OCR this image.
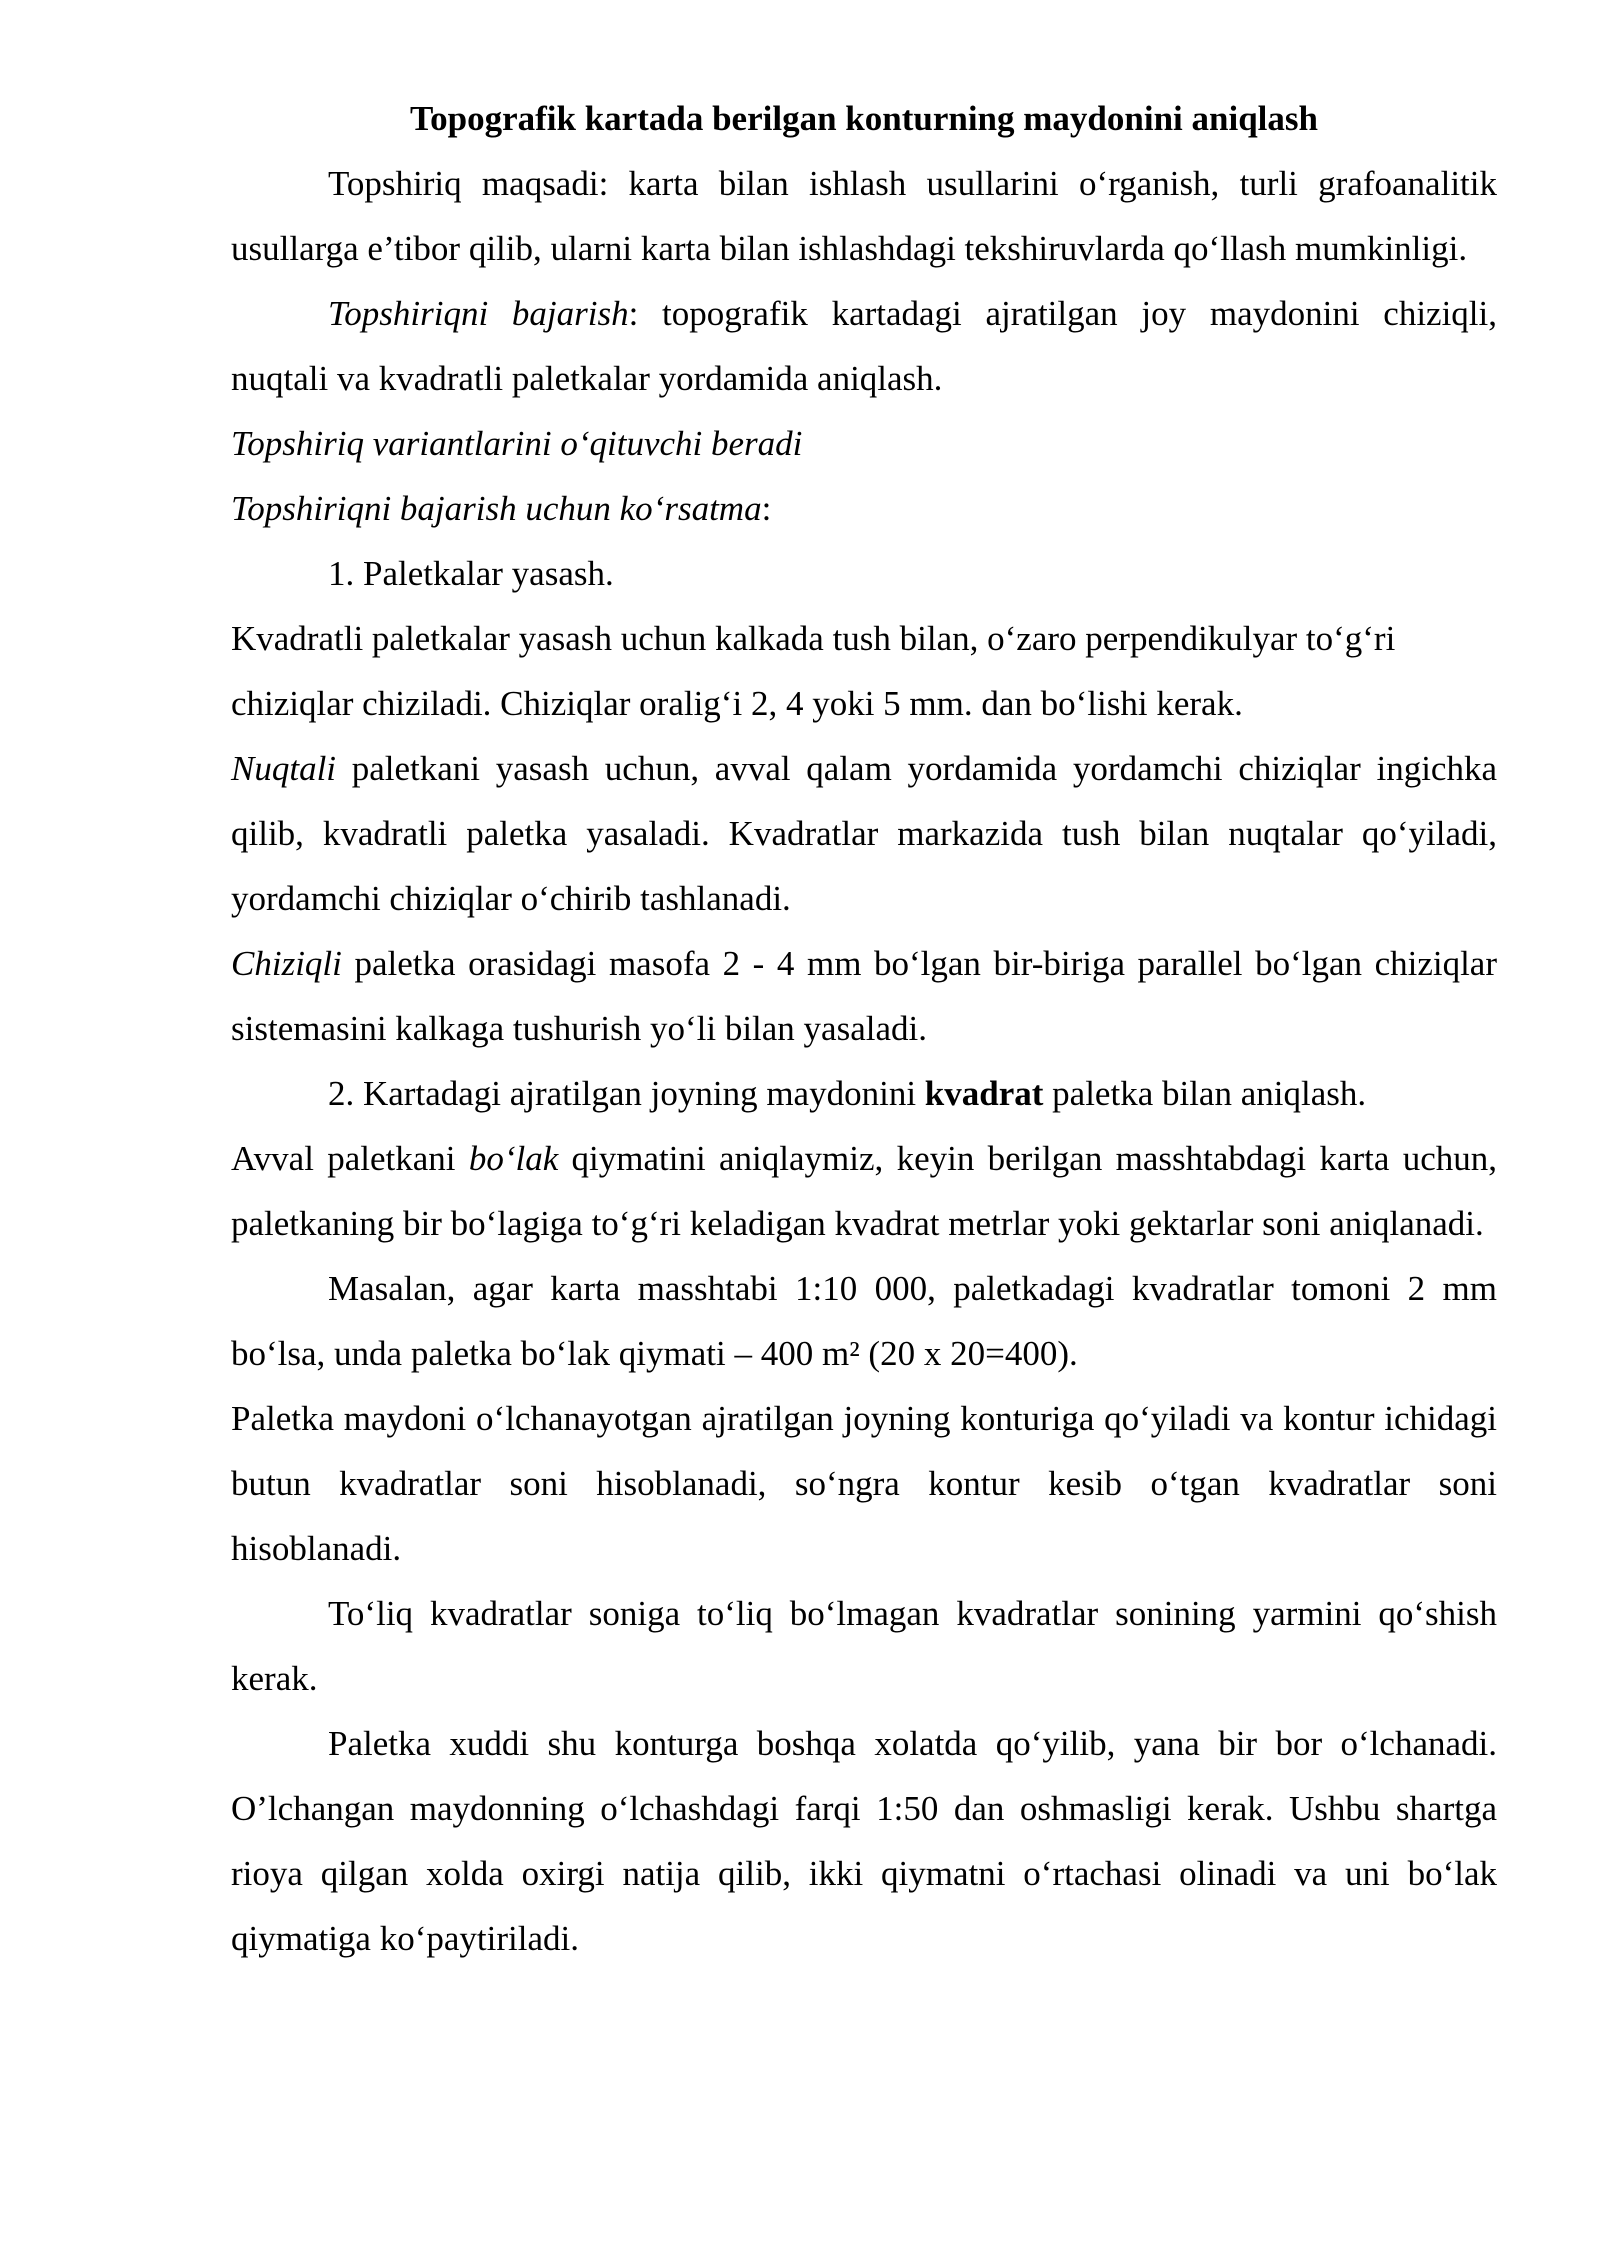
Topografik kartada berilgan konturning maydonini aniqlash

Topshiriq maqsadi: karta bilan ishlash usullarini o‘rganish, turli grafoanalitik usullarga e’tibor qilib, ularni karta bilan ishlashdagi tekshiruvlarda qo‘llash mumkinligi.

Topshiriqni bajarish: topografik kartadagi ajratilgan joy maydonini chiziqli, nuqtali va kvadratli paletkalar yordamida aniqlash.

Topshiriq variantlarini o‘qituvchi beradi

Topshiriqni bajarish uchun ko‘rsatma:

1. Paletkalar yasash.

Kvadratli paletkalar yasash uchun kalkada tush bilan, o‘zaro perpendikulyar to‘g‘ri chiziqlar chiziladi. Chiziqlar oralig‘i 2, 4 yoki 5 mm. dan bo‘lishi kerak.

Nuqtali paletkani yasash uchun, avval qalam yordamida yordamchi chiziqlar ingichka qilib, kvadratli paletka yasaladi. Kvadratlar markazida tush bilan nuqtalar qo‘yiladi, yordamchi chiziqlar o‘chirib tashlanadi.

Chiziqli paletka orasidagi masofa 2 - 4 mm bo‘lgan bir-biriga parallel bo‘lgan chiziqlar sistemasini kalkaga tushurish yo‘li bilan yasaladi.

2. Kartadagi ajratilgan joyning maydonini kvadrat paletka bilan aniqlash.

Avval paletkani bo‘lak qiymatini aniqlaymiz, keyin berilgan masshtabdagi karta uchun, paletkaning bir bo‘lagiga to‘g‘ri keladigan kvadrat metrlar yoki gektarlar soni aniqlanadi.

Masalan, agar karta masshtabi 1:10 000, paletkadagi kvadratlar tomoni 2 mm bo‘lsa, unda paletka bo‘lak qiymati – 400 m² (20 x 20=400).

Paletka maydoni o‘lchanayotgan ajratilgan joyning konturiga qo‘yiladi va kontur ichidagi butun kvadratlar soni hisoblanadi, so‘ngra kontur kesib o‘tgan kvadratlar soni hisoblanadi.

To‘liq kvadratlar soniga to‘liq bo‘lmagan kvadratlar sonining yarmini qo‘shish kerak.

Paletka xuddi shu konturga boshqa xolatda qo‘yilib, yana bir bor o‘lchanadi. O’lchangan maydonning o‘lchashdagi farqi 1:50 dan oshmasligi kerak. Ushbu shartga rioya qilgan xolda oxirgi natija qilib, ikki qiymatni o‘rtachasi olinadi va uni bo‘lak qiymatiga ko‘paytiriladi.
